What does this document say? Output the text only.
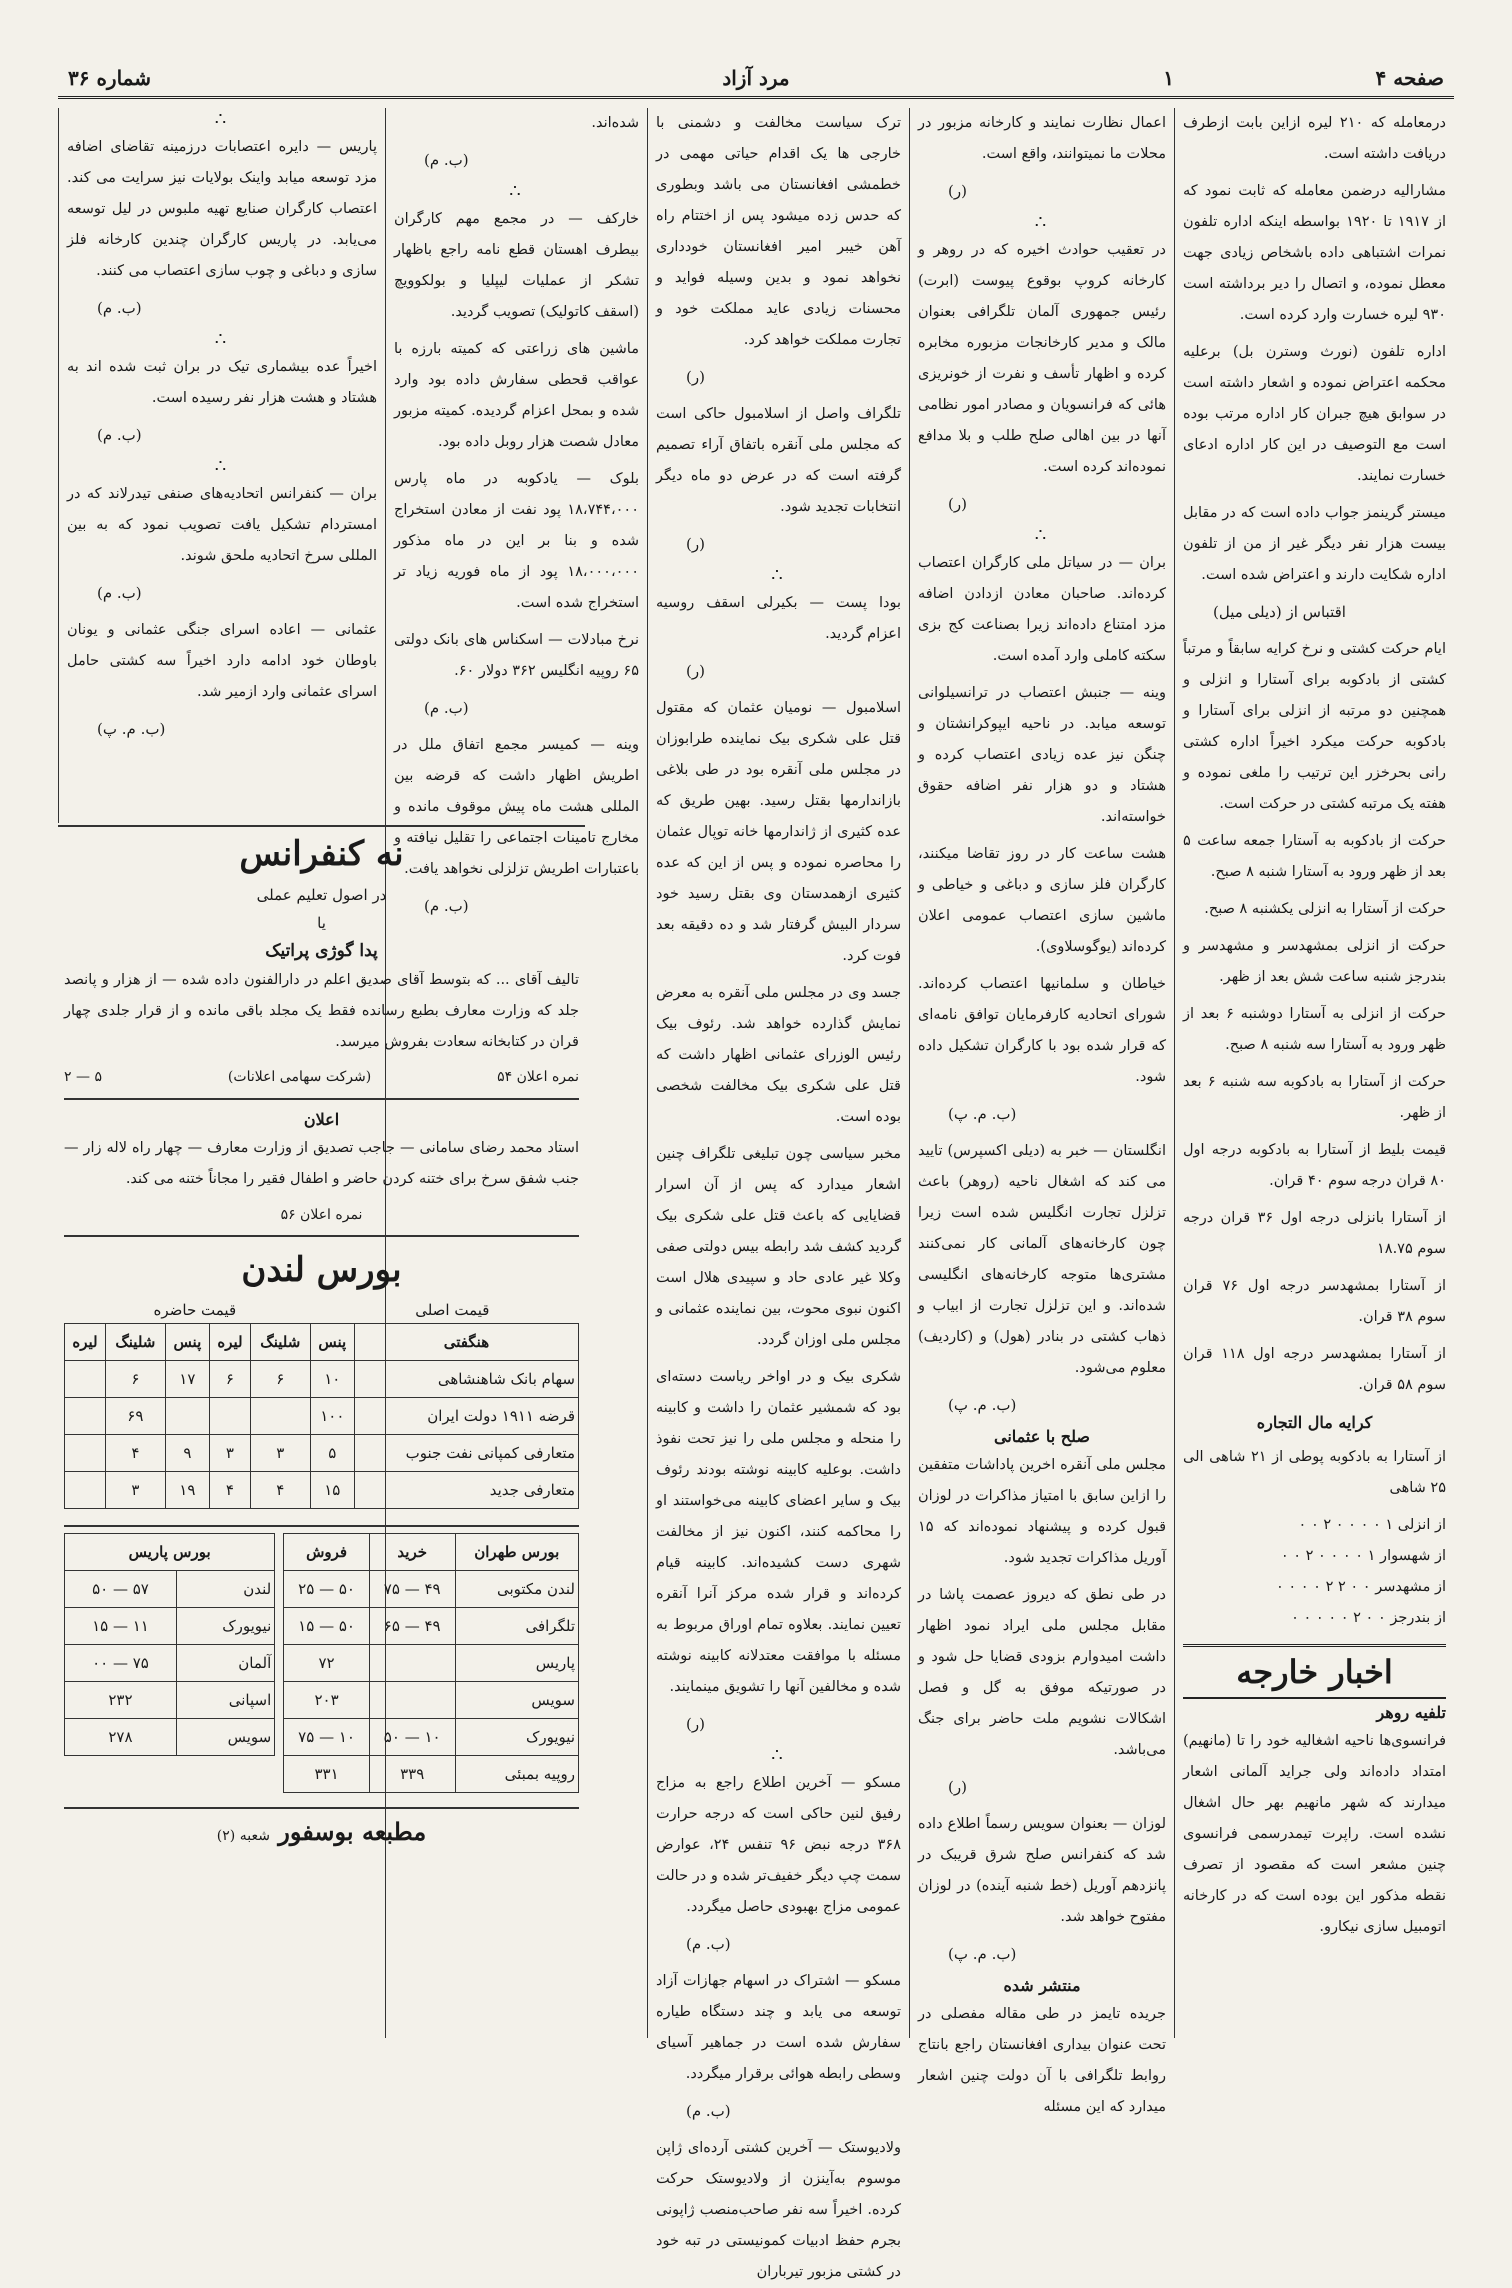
صفحه ۴
۱
مرد آزاد
شماره ۳۶
درمعامله که ۲۱۰ لیره ازاین بابت ازطرف دریافت داشته است.
مشارالیه درضمن معامله که ثابت نمود که از ۱۹۱۷ تا ۱۹۲۰ بواسطه اینکه اداره تلفون نمرات اشتباهی داده باشخاص زیادی جهت معطل نموده، و اتصال را دیر برداشته است ۹۳۰ لیره خسارت وارد کرده است.
اداره تلفون (نورث وسترن بل) برعلیه محکمه اعتراض نموده و اشعار داشته است در سوابق هیچ جبران کار اداره مرتب بوده است مع التوصیف در این کار اداره ادعای خسارت نمایند.
میستر گرینمز جواب داده است که در مقابل بیست هزار نفر دیگر غیر از من از تلفون اداره شکایت دارند و اعتراض شده است.
اقتباس از (دیلی میل)
ایام حرکت کشتی و نرخ کرایه سابقاً و مرتباً کشتی از بادکوبه برای آستارا و انزلی و همچنین دو مرتبه از انزلی برای آستارا و بادکوبه حرکت میکرد اخیراً اداره کشتی رانی بحرخزر این ترتیب را ملغی نموده و هفته یک مرتبه کشتی در حرکت است.
حرکت از بادکوبه به آستارا جمعه ساعت ۵ بعد از ظهر ورود به آستارا شنبه ۸ صبح.
حرکت از آستارا به انزلی یکشنبه ۸ صبح.
حرکت از انزلی بمشهدسر و مشهدسر و بندرجز شنبه ساعت شش بعد از ظهر.
حرکت از انزلی به آستارا دوشنبه ۶ بعد از ظهر ورود به آستارا سه شنبه ۸ صبح.
حرکت از آستارا به بادکوبه سه شنبه ۶ بعد از ظهر.
قیمت بلیط از آستارا به بادکوبه درجه اول ۸۰ قران درجه سوم ۴۰ قران.
از آستارا بانزلی درجه اول ۳۶ قران درجه سوم ۱۸.۷۵
از آستارا بمشهدسر درجه اول ۷۶ قران سوم ۳۸ قران.
از آستارا بمشهدسر درجه اول ۱۱۸ قران سوم ۵۸ قران.
کرایه مال التجاره
از آستارا به بادکوبه پوطی از ۲۱ شاهی الی ۲۵ شاهی
از انزلی ۱ ۰ ۰ ۰ ۰ ۲ ۰ ۰
از شهسوار ۱ ۰ ۰ ۰ ۰ ۲ ۰ ۰
از مشهدسر ۰ ۰ ۲ ۲ ۰ ۰ ۰ ۰
از بندرجز ۰ ۰ ۲ ۰ ۰ ۰ ۰ ۰
اخبار خارجه
تلفیه روهر
فرانسوی‌ها ناحیه اشغالیه خود را تا (مانهیم) امتداد داده‌اند ولی جراید آلمانی اشعار میدارند که شهر مانهیم بهر حال اشغال نشده است. راپرت تیمدرسمی فرانسوی چنین مشعر است که مقصود از تصرف نقطه مذکور این بوده است که در کارخانه اتومبیل سازی نیکارو.
اعمال نظارت نمایند و کارخانه مزبور در محلات ما نمیتوانند، واقع است.
(ر)
∴
در تعقیب حوادث اخیره که در روهر و کارخانه کروپ بوقوع پیوست (ابرت) رئیس جمهوری آلمان تلگرافی بعنوان مالک و مدیر کارخانجات مزبوره مخابره کرده و اظهار تأسف و نفرت از خونریزی هائی که فرانسویان و مصادر امور نظامی آنها در بین اهالی صلح طلب و بلا مدافع نموده‌اند کرده است.
(ر)
∴
بران — در سیاتل ملی کارگران اعتصاب کرده‌اند. صاحبان معادن ازدادن اضافه مزد امتناع داده‌اند زیرا بصناعت کج بزی سکته کاملی وارد آمده است.
وینه — جنبش اعتصاب در ترانسیلوانی توسعه میابد. در ناحیه ایپوکرانشتان و چنگن نیز عده زیادی اعتصاب کرده و هشتاد و دو هزار نفر اضافه حقوق خواسته‌اند.
هشت ساعت کار در روز تقاضا میکنند، کارگران فلز سازی و دباغی و خیاطی و ماشین سازی اعتصاب عمومی اعلان کرده‌اند (یوگوسلاوی).
خیاطان و سلمانیها اعتصاب کرده‌اند. شورای اتحادیه کارفرمایان توافق نامه‌ای که قرار شده بود با کارگران تشکیل داده شود.
(ب. م. پ)
انگلستان — خبر به (دیلی اکسپرس) تایید می کند که اشغال ناحیه (روهر) باعث تزلزل تجارت انگلیس شده است زیرا چون کارخانه‌های آلمانی کار نمی‌کنند مشتری‌ها متوجه کارخانه‌های انگلیسی شده‌اند. و این تزلزل تجارت از ابیاب و ذهاب کشتی در بنادر (هول) و (کاردیف) معلوم می‌شود.
(ب. م. پ)
صلح با عثمانی
مجلس ملی آنقره اخرین پاداشات متفقین را ازاین سابق با امتیاز مذاکرات در لوزان قبول کرده و پیشنهاد نموده‌اند که ۱۵ آوریل مذاکرات تجدید شود.
در طی نطق که دیروز عصمت پاشا در مقابل مجلس ملی ایراد نمود اظهار داشت امیدوارم بزودی قضایا حل شود و در صورتیکه موفق به گل و فصل اشکالات نشویم ملت حاضر برای جنگ می‌باشد.
(ر)
لوزان — بعنوان سویس رسماً اطلاع داده شد که کنفرانس صلح شرق قریبک در پانزدهم آوریل (خط شنبه آینده) در لوزان مفتوح خواهد شد.
(ب. م. پ)
منتشر شده
جریده تایمز در طی مقاله مفصلی در تحت عنوان بیداری افغانستان راجع بانتاج روابط تلگرافی با آن دولت چنین اشعار میدارد که این مسئله
ترک سیاست مخالفت و دشمنی با خارجی ها یک اقدام حیاتی مهمی در خطمشی افغانستان می باشد وبطوری که حدس زده میشود پس از اختتام راه آهن خیبر امیر افغانستان خودداری نخواهد نمود و بدین وسیله فواید و محسنات زیادی عاید مملکت خود و تجارت مملکت خواهد کرد.
(ر)
تلگراف واصل از اسلامبول حاکی است که مجلس ملی آنقره باتفاق آراء تصمیم گرفته است که در عرض دو ماه دیگر انتخابات تجدید شود.
(ر)
∴
بودا پست — بکیرلی اسقف روسیه اعزام گردید.
(ر)
اسلامبول — نومیان عثمان که مقتول قتل علی شکری بیک نماینده طرابوزان در مجلس ملی آنقره بود در طی بلاغی بازاندارمها بقتل رسید. بهین طریق که عده کثیری از ژاندارمها خانه توپال عثمان را محاصره نموده و پس از این که عده کثیری ازهمدستان وی بقتل رسید خود سردار البیش گرفتار شد و ده دقیقه بعد فوت کرد.
جسد وی در مجلس ملی آنقره به معرض نمایش گذارده خواهد شد. رئوف بیک رئیس الوزرای عثمانی اظهار داشت که قتل علی شکری بیک مخالفت شخصی بوده است.
مخبر سیاسی چون تبلیغی تلگراف چنین اشعار میدارد که پس از آن اسرار قضایایی که باعث قتل علی شکری بیک گردید کشف شد رابطه بیس دولتی صفی وکلا غیر عادی حاد و سپیدی هلال است اکنون نبوی محوت، بین نماینده عثمانی و مجلس ملی اوزان گردد.
شکری بیک و در اواخر ریاست دسته‌ای بود که شمشیر عثمان را داشت و کابینه را منحله و مجلس ملی را نیز تحت نفوذ داشت. بوعلیه کابینه نوشته بودند رئوف بیک و سایر اعضای کابینه می‌خواستند او را محاکمه کنند، اکنون نیز از مخالفت شهری دست کشیده‌اند. کابینه قیام کرده‌اند و قرار شده مرکز آنرا آنقره تعیین نمایند. بعلاوه تمام اوراق مربوط به مسئله با موافقت معتدلانه کابینه نوشته شده و مخالفین آنها را تشویق مینمایند.
(ر)
∴
مسکو — آخرین اطلاع راجع به مزاج رفیق لنین حاکی است که درجه حرارت ۳۶۸ درجه نبض ۹۶ تنفس ۲۴، عوارض سمت چپ دیگر خفیف‌تر شده و در حالت عمومی مزاج بهبودی حاصل میگردد.
(ب. م)
مسکو — اشتراک در اسهام جهازات آزاد توسعه می یابد و چند دستگاه طیاره سفارش شده است در جماهیر آسیای وسطی رابطه هوائی برقرار میگردد.
(ب. م)
ولادیوستک — آخرین کشتی آرده‌ای ژاپن موسوم به‌آینزن از ولادیوستک حرکت کرده. اخیراً سه نفر صاحب‌منصب ژاپونی بجرم حفظ ادبیات کمونیستی در تبه خود در کشتی مزبور تیرباران
شده‌اند.
(ب. م)
∴
خارکف — در مجمع مهم کارگران بیطرف اهستان قطع نامه راجع باظهار تشکر از عملیات لیپلیا و بولکوویچ (اسقف کاتولیک) تصویب گردید.
ماشین های زراعتی که کمیته بارزه با عواقب قحطی سفارش داده بود وارد شده و بمحل اعزام گردیده. کمیته مزبور معادل شصت هزار روبل داده بود.
بلوک — یادکوبه در ماه پارس ۱۸،۷۴۴،۰۰۰ پود نفت از معادن استخراج شده و بنا بر این در ماه مذکور ۱۸،۰۰۰،۰۰۰ پود از ماه فوریه زیاد تر استخراج شده است.
نرخ مبادلات — اسکناس های بانک دولتی ۶۵ روپیه انگلیس ۳۶۲ دولار ۶۰.
(ب. م)
وینه — کمیسر مجمع اتفاق ملل در اطریش اظهار داشت که قرضه بین المللی هشت ماه پیش موقوف مانده و مخارج تامینات اجتماعی را تقلیل نیافته و باعتبارات اطریش تزلزلی نخواهد یافت.
(ب. م)
∴
پاریس — دایره اعتصابات درزمینه تقاضای اضافه مزد توسعه میابد واینک بولایات نیز سرایت می کند. اعتصاب کارگران صنایع تهیه ملبوس در لیل توسعه می‌یابد. در پاریس کارگران چندین کارخانه فلز سازی و دباغی و چوب سازی اعتصاب می کنند.
(ب. م)
∴
اخیراً عده بیشماری تیک در بران ثبت شده اند به هشتاد و هشت هزار نفر رسیده است.
(ب. م)
∴
بران — کنفرانس اتحادیه‌های صنفی تیدرلاند که در امستردام تشکیل یافت تصویب نمود که به بین المللی سرخ اتحادیه ملحق شوند.
(ب. م)
عثمانی — اعاده اسرای جنگی عثمانی و یونان باوطان خود ادامه دارد اخیراً سه کشتی حامل اسرای عثمانی وارد ازمیر شد.
(ب. م. پ)
نه کنفرانس
در اصول تعلیم عملی
یا
پدا گوژی پراتیک
تالیف آقای ... که بتوسط آقای صدیق اعلم در دارالفنون داده شده — از هزار و پانصد جلد که وزارت معارف بطبع رسانده فقط یک مجلد باقی مانده و از قرار جلدی چهار قران در کتابخانه سعادت بفروش میرسد.
نمره اعلان ۵۴
(شرکت سهامی اعلانات)
۵ — ۲
اعلان
استاد محمد رضای سامانی — جاجب تصدیق از وزارت معارف — چهار راه لاله زار — جنب شفق سرخ برای ختنه کردن حاضر و اطفال فقیر را مجاناً ختنه می کند.
نمره اعلان ۵۶
بورس لندن
قیمت اصلی
قیمت حاضره
هنگفتی	پنس	شلینگ	لیره	پنس	شلینگ	لیره
سهام بانک شاهنشاهی	۱۰	۶	۶	۱۷	۶	
قرضه ۱۹۱۱ دولت ایران	۱۰۰				۶۹	
متعارفی کمپانی نفت جنوب	۵	۳	۳	۹	۴	
متعارفی جدید	۱۵	۴	۴	۱۹	۳	
بورس طهران	خرید	فروش
لندن مکتوبی	۴۹ — ۷۵	۵۰ — ۲۵
تلگرافی	۴۹ — ۶۵	۵۰ — ۱۵
پاریس		۷۲
سویس		۲۰۳
نیویورک	۱۰ — ۵۰	۱۰ — ۷۵
روپیه بمبئی	۳۳۹	۳۳۱
بورس پاریس	
لندن	۵۷ — ۵۰
نیویورک	۱۱ — ۱۵
آلمان	۷۵ — ۰۰
اسپانی	۲۳۲
سویس	۲۷۸
مطبعه بوسفور شعبه (۲)
